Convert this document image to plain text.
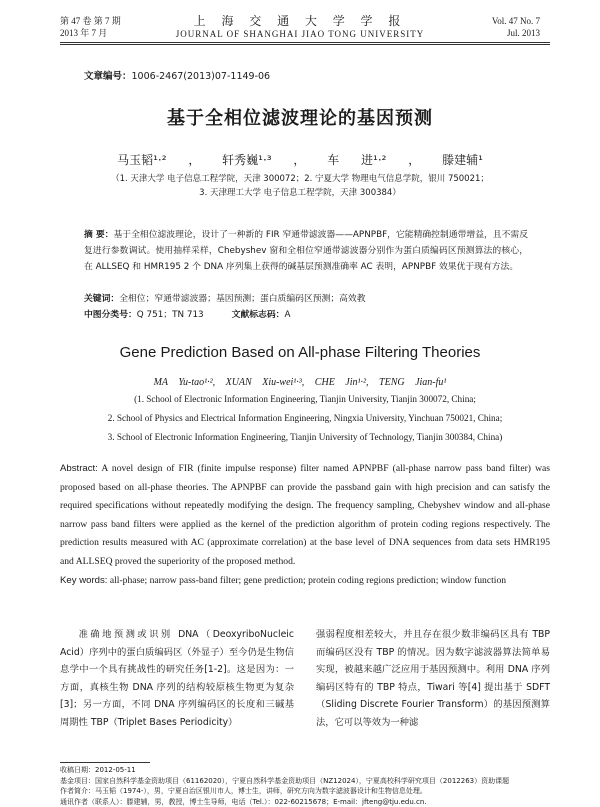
第 47 卷 第 7 期
2013 年 7 月
上 海 交 通 大 学 学 报
JOURNAL OF SHANGHAI JIAO TONG UNIVERSITY
Vol. 47 No. 7
Jul. 2013
文章编号：1006-2467(2013)07-1149-06
基于全相位滤波理论的基因预测
马玉韬¹·² ， 轩秀巍¹·³ ， 车 进¹·² ， 滕建辅¹
（1. 天津大学 电子信息工程学院，天津 300072；2. 宁夏大学 物理电气信息学院，银川 750021；
3. 天津理工大学 电子信息工程学院，天津 300384）
摘 要：基于全相位滤波理论，设计了一种新的 FIR 窄通带滤波器——APNPBF，它能精确控制通带增益，且不需反复进行参数调试。使用抽样采样，Chebyshev 窗和全相位窄通带滤波器分别作为蛋白质编码区预测算法的核心，在 ALLSEQ 和 HMR195 2 个 DNA 序列集上获得的碱基层预测准确率 AC 表明，APNPBF 效果优于现有方法。
关键词：全相位；窄通带滤波器；基因预测；蛋白质编码区预测；高效教
中图分类号：Q 751；TN 713	文献标志码：A
Gene Prediction Based on All-phase Filtering Theories
MA Yu-tao¹·², XUAN Xiu-wei¹·³, CHE Jin¹·², TENG Jian-fu¹
(1. School of Electronic Information Engineering, Tianjin University, Tianjin 300072, China;
2. School of Physics and Electrical Information Engineering, Ningxia University, Yinchuan 750021, China;
3. School of Electronic Information Engineering, Tianjin University of Technology, Tianjin 300384, China)
Abstract: A novel design of FIR (finite impulse response) filter named APNPBF (all-phase narrow pass band filter) was proposed based on all-phase theories. The APNPBF can provide the passband gain with high precision and can satisfy the required specifications without repeatedly modifying the design. The frequency sampling, Chebyshev window and all-phase narrow pass band filters were applied as the kernel of the prediction algorithm of protein coding regions respectively. The prediction results measured with AC (approximate correlation) at the base level of DNA sequences from data sets HMR195 and ALLSEQ proved the superiority of the proposed method.
Key words: all-phase; narrow pass-band filter; gene prediction; protein coding regions prediction; window function
准确地预测或识别 DNA（DeoxyriboNucleic Acid）序列中的蛋白质编码区（外显子）至今仍是生物信息学中一个具有挑战性的研究任务[1-2]。这是因为：一方面，真核生物 DNA 序列的结构较原核生物更为复杂[3]；另一方面，不同 DNA 序列编码区的长度和三碱基周期性 TBP（Triplet Bases Periodicity）
强弱程度相差较大，并且存在很少数非编码区具有 TBP 而编码区没有 TBP 的情况。因为数字滤波器算法简单易实现，被越来越广泛应用于基因预测中。利用 DNA 序列编码区特有的 TBP 特点，Tiwari 等[4] 提出基于 SDFT（Sliding Discrete Fourier Transform）的基因预测算法，它可以等效为一种滤
收稿日期：2012-05-11
基金项目：国家自然科学基金资助项目（61162020），宁夏自然科学基金资助项目（NZ12024），宁夏高校科学研究项目（2012263）资助课题
作者简介：马玉韬（1974-），男，宁夏自治区银川市人，博士生，讲师，研究方向为数字滤波器设计和生物信息处理。
通讯作者（联系人）：滕建辅，男，教授，博士生导师，电话（Tel.）：022-60215678；E-mail：jfteng@tju.edu.cn.
